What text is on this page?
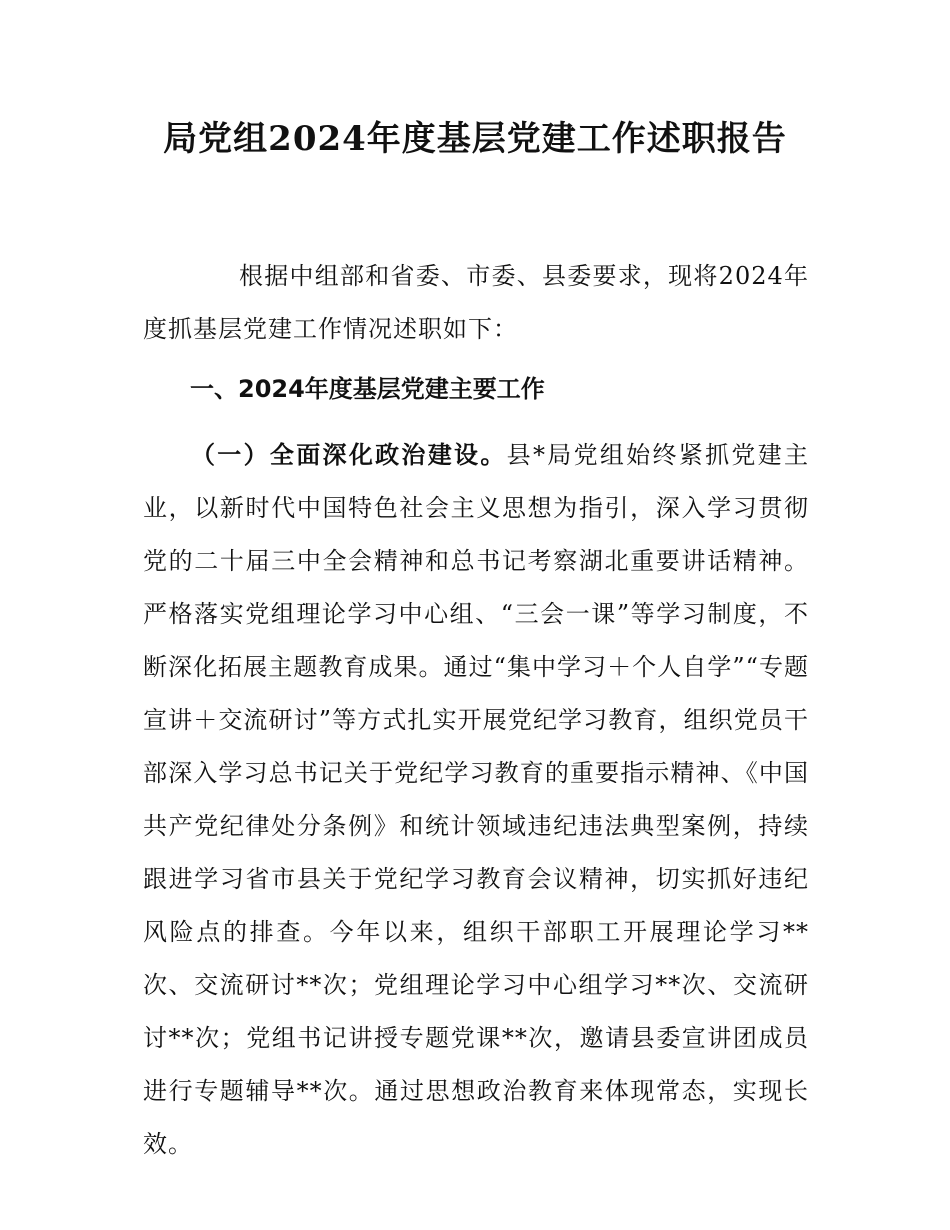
局党组2024年度基层党建工作述职报告

根据中组部和省委、市委、县委要求，现将2024年度抓基层党建工作情况述职如下：

一、2024年度基层党建主要工作

（一）全面深化政治建设。县*局党组始终紧抓党建主业，以新时代中国特色社会主义思想为指引，深入学习贯彻党的二十届三中全会精神和总书记考察湖北重要讲话精神。严格落实党组理论学习中心组、“三会一课”等学习制度，不断深化拓展主题教育成果。通过“集中学习＋个人自学”“专题宣讲＋交流研讨”等方式扎实开展党纪学习教育，组织党员干部深入学习总书记关于党纪学习教育的重要指示精神、《中国共产党纪律处分条例》和统计领域违纪违法典型案例，持续跟进学习省市县关于党纪学习教育会议精神，切实抓好违纪风险点的排查。今年以来，组织干部职工开展理论学习**次、交流研讨**次；党组理论学习中心组学习**次、交流研讨**次；党组书记讲授专题党课**次，邀请县委宣讲团成员进行专题辅导**次。通过思想政治教育来体现常态，实现长效。
